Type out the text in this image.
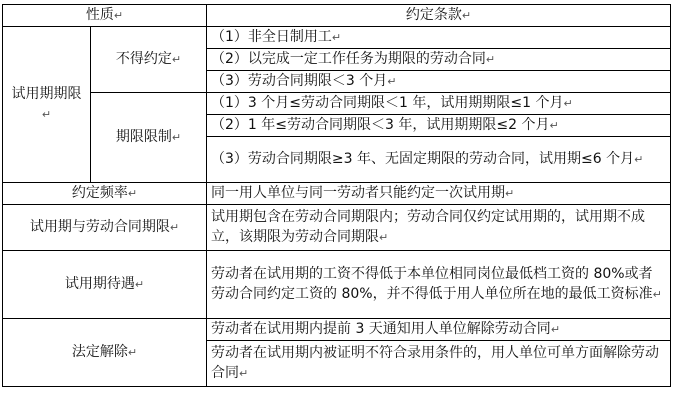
性质↵		约定条款↵
试用期期限↵	不得约定↵	（1）非全日制用工↵
		（2）以完成一定工作任务为期限的劳动合同↵
		（3）劳动合同期限＜3 个月↵
	期限限制↵	（1）3 个月≤劳动合同期限＜1 年，试用期期限≤1 个月↵
		（2）1 年≤劳动合同期限＜3 年，试用期期限≤2 个月↵
		（3）劳动合同期限≥3 年、无固定期限的劳动合同，试用期≤6 个月↵
约定频率↵		同一用人单位与同一劳动者只能约定一次试用期↵
试用期与劳动合同期限↵		试用期包含在劳动合同期限内；劳动合同仅约定试用期的，试用期不成立，该期限为劳动合同期限↵
试用期待遇↵		劳动者在试用期的工资不得低于本单位相同岗位最低档工资的 80%或者劳动合同约定工资的 80%，并不得低于用人单位所在地的最低工资标准↵
法定解除↵		劳动者在试用期内提前 3 天通知用人单位解除劳动合同↵
		劳动者在试用期内被证明不符合录用条件的，用人单位可单方面解除劳动合同↵
